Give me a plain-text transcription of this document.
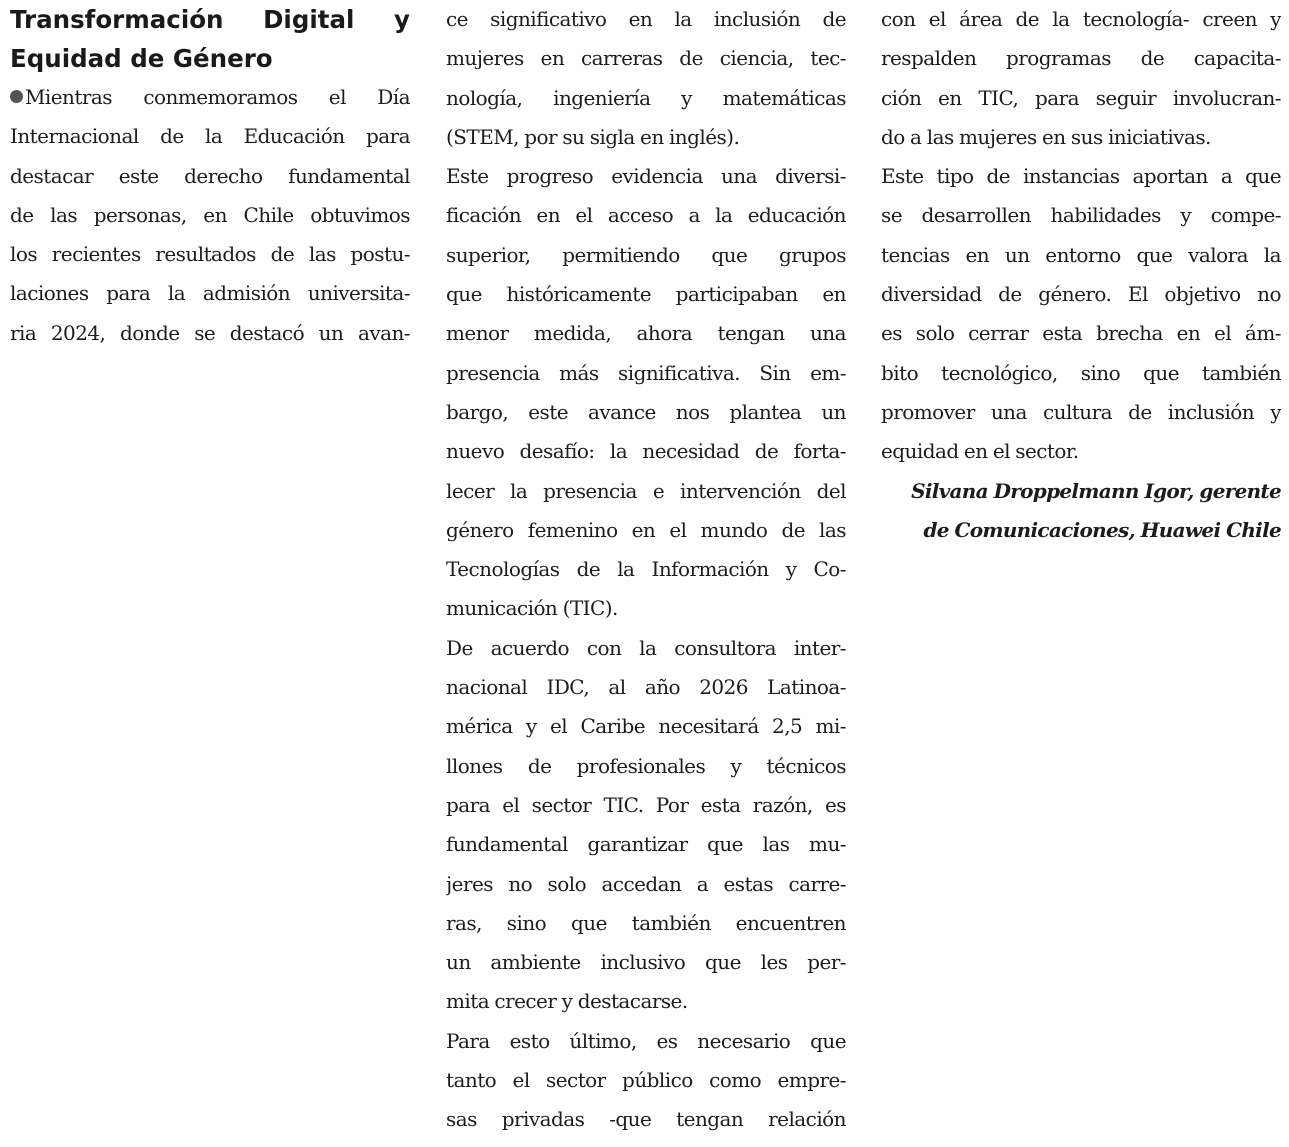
Transformación Digital y
Equidad de Género
Mientras conmemoramos el Día
Internacional de la Educación para
destacar este derecho fundamental
de las personas, en Chile obtuvimos
los recientes resultados de las postu-
laciones para la admisión universita-
ria 2024, donde se destacó un avan-
ce significativo en la inclusión de
mujeres en carreras de ciencia, tec-
nología, ingeniería y matemáticas
(STEM, por su sigla en inglés).
Este progreso evidencia una diversi-
ficación en el acceso a la educación
superior, permitiendo que grupos
que históricamente participaban en
menor medida, ahora tengan una
presencia más significativa. Sin em-
bargo, este avance nos plantea un
nuevo desafío: la necesidad de forta-
lecer la presencia e intervención del
género femenino en el mundo de las
Tecnologías de la Información y Co-
municación (TIC).
De acuerdo con la consultora inter-
nacional IDC, al año 2026 Latinoa-
mérica y el Caribe necesitará 2,5 mi-
llones de profesionales y técnicos
para el sector TIC. Por esta razón, es
fundamental garantizar que las mu-
jeres no solo accedan a estas carre-
ras, sino que también encuentren
un ambiente inclusivo que les per-
mita crecer y destacarse.
Para esto último, es necesario que
tanto el sector público como empre-
sas privadas -que tengan relación
con el área de la tecnología- creen y
respalden programas de capacita-
ción en TIC, para seguir involucran-
do a las mujeres en sus iniciativas.
Este tipo de instancias aportan a que
se desarrollen habilidades y compe-
tencias en un entorno que valora la
diversidad de género. El objetivo no
es solo cerrar esta brecha en el ám-
bito tecnológico, sino que también
promover una cultura de inclusión y
equidad en el sector.
Silvana Droppelmann Igor, gerente
de Comunicaciones, Huawei Chile
